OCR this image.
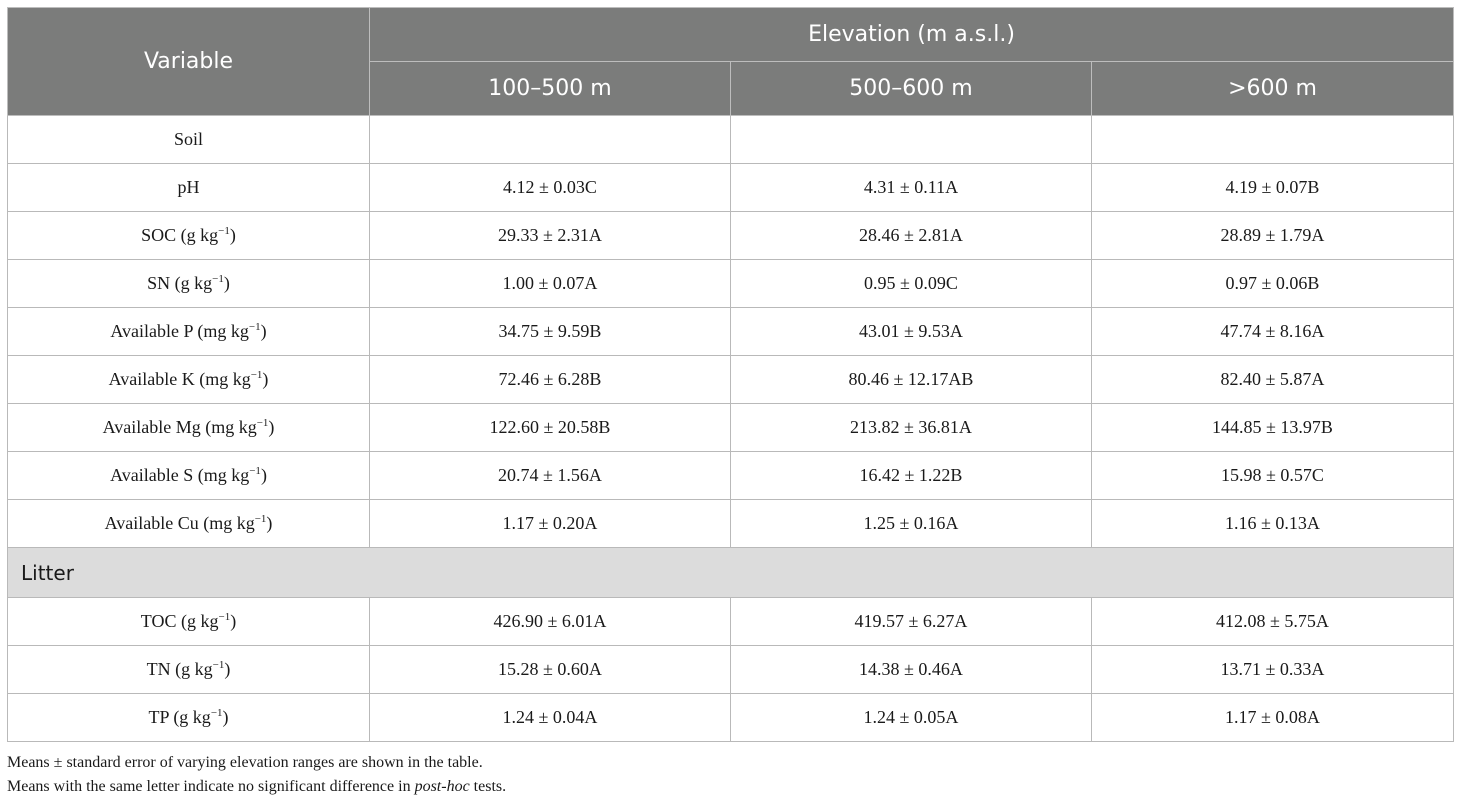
Variable	Elevation (m a.s.l.)		
	100–500 m	500–600 m	>600 m
Soil			
pH	4.12 ± 0.03C	4.31 ± 0.11A	4.19 ± 0.07B
SOC (g $kg^{-1}$)	29.33 ± 2.31A	28.46 ± 2.81A	28.89 ± 1.79A
SN (g $kg^{-1}$)	1.00 ± 0.07A	0.95 ± 0.09C	0.97 ± 0.06B
Available P (mg $kg^{-1}$)	34.75 ± 9.59B	43.01 ± 9.53A	47.74 ± 8.16A
Available K (mg $kg^{-1}$)	72.46 ± 6.28B	80.46 ± 12.17AB	82.40 ± 5.87A
Available Mg (mg $kg^{-1}$)	122.60 ± 20.58B	213.82 ± 36.81A	144.85 ± 13.97B
Available S (mg $kg^{-1}$)	20.74 ± 1.56A	16.42 ± 1.22B	15.98 ± 0.57C
Available Cu (mg $kg^{-1}$)	1.17 ± 0.20A	1.25 ± 0.16A	1.16 ± 0.13A
Litter			
TOC (g $kg^{-1}$)	426.90 ± 6.01A	419.57 ± 6.27A	412.08 ± 5.75A
TN (g $kg^{-1}$)	15.28 ± 0.60A	14.38 ± 0.46A	13.71 ± 0.33A
TP (g $kg^{-1}$)	1.24 ± 0.04A	1.24 ± 0.05A	1.17 ± 0.08A
Means ± standard error of varying elevation ranges are shown in the table.
Means with the same letter indicate no significant difference in post-hoc tests.
